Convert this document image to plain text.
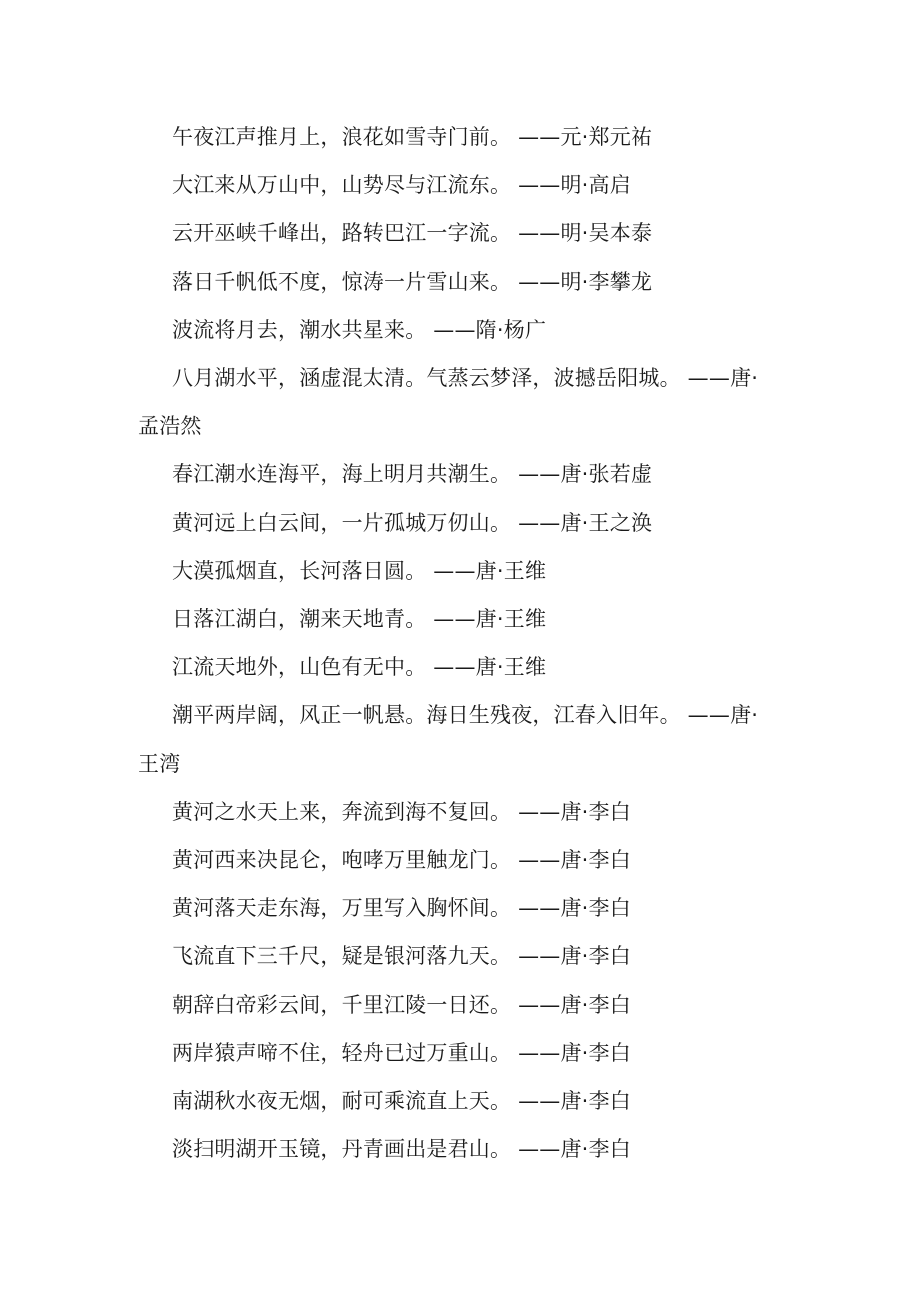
午夜江声推月上，浪花如雪寺门前。 ——元·郑元祐

大江来从万山中，山势尽与江流东。 ——明·高启

云开巫峡千峰出，路转巴江一字流。 ——明·吴本泰

落日千帆低不度，惊涛一片雪山来。 ——明·李攀龙

波流将月去，潮水共星来。 ——隋·杨广

八月湖水平，涵虚混太清。气蒸云梦泽，波撼岳阳城。 ——唐·孟浩然

春江潮水连海平，海上明月共潮生。 ——唐·张若虚

黄河远上白云间，一片孤城万仞山。 ——唐·王之涣

大漠孤烟直，长河落日圆。 ——唐·王维

日落江湖白，潮来天地青。 ——唐·王维

江流天地外，山色有无中。 ——唐·王维

潮平两岸阔，风正一帆悬。海日生残夜，江春入旧年。 ——唐·王湾

黄河之水天上来，奔流到海不复回。 ——唐·李白

黄河西来决昆仑，咆哮万里触龙门。 ——唐·李白

黄河落天走东海，万里写入胸怀间。 ——唐·李白

飞流直下三千尺，疑是银河落九天。 ——唐·李白

朝辞白帝彩云间，千里江陵一日还。 ——唐·李白

两岸猿声啼不住，轻舟已过万重山。 ——唐·李白

南湖秋水夜无烟，耐可乘流直上天。 ——唐·李白

淡扫明湖开玉镜，丹青画出是君山。 ——唐·李白
